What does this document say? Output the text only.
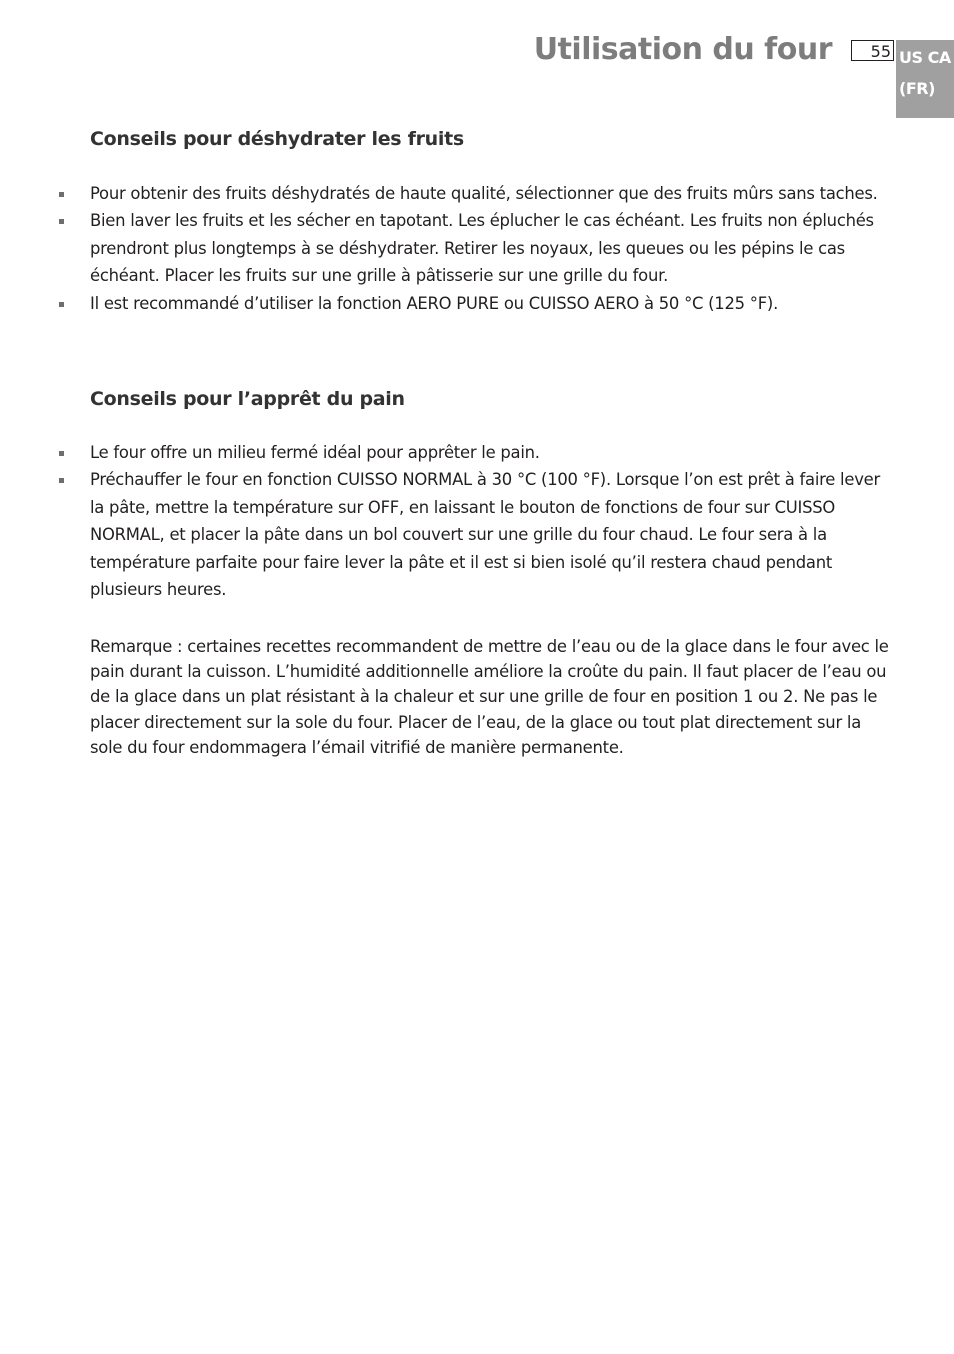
Utilisation du four	55 US CA
(FR)
Conseils pour déshydrater les fruits
Pour obtenir des fruits déshydratés de haute qualité, sélectionner que des fruits mûrs sans taches.
Bien laver les fruits et les sécher en tapotant. Les éplucher le cas échéant. Les fruits non épluchés prendront plus longtemps à se déshydrater. Retirer les noyaux, les queues ou les pépins le cas échéant. Placer les fruits sur une grille à pâtisserie sur une grille du four.
Il est recommandé d’utiliser la fonction AERO PURE ou CUISSO AERO à 50 °C (125 °F).
Conseils pour l’apprêt du pain
Le four offre un milieu fermé idéal pour apprêter le pain.
Préchauffer le four en fonction CUISSO NORMAL à 30 °C (100 °F). Lorsque l’on est prêt à faire lever la pâte, mettre la température sur OFF, en laissant le bouton de fonctions de four sur CUISSO NORMAL, et placer la pâte dans un bol couvert sur une grille du four chaud. Le four sera à la température parfaite pour faire lever la pâte et il est si bien isolé qu’il restera chaud pendant plusieurs heures.

Remarque : certaines recettes recommandent de mettre de l’eau ou de la glace dans le four avec le pain durant la cuisson. L’humidité additionnelle améliore la croûte du pain. Il faut placer de l’eau ou de la glace dans un plat résistant à la chaleur et sur une grille de four en position 1 ou 2. Ne pas le placer directement sur la sole du four. Placer de l’eau, de la glace ou tout plat directement sur la sole du four endommagera l’émail vitrifié de manière permanente.
